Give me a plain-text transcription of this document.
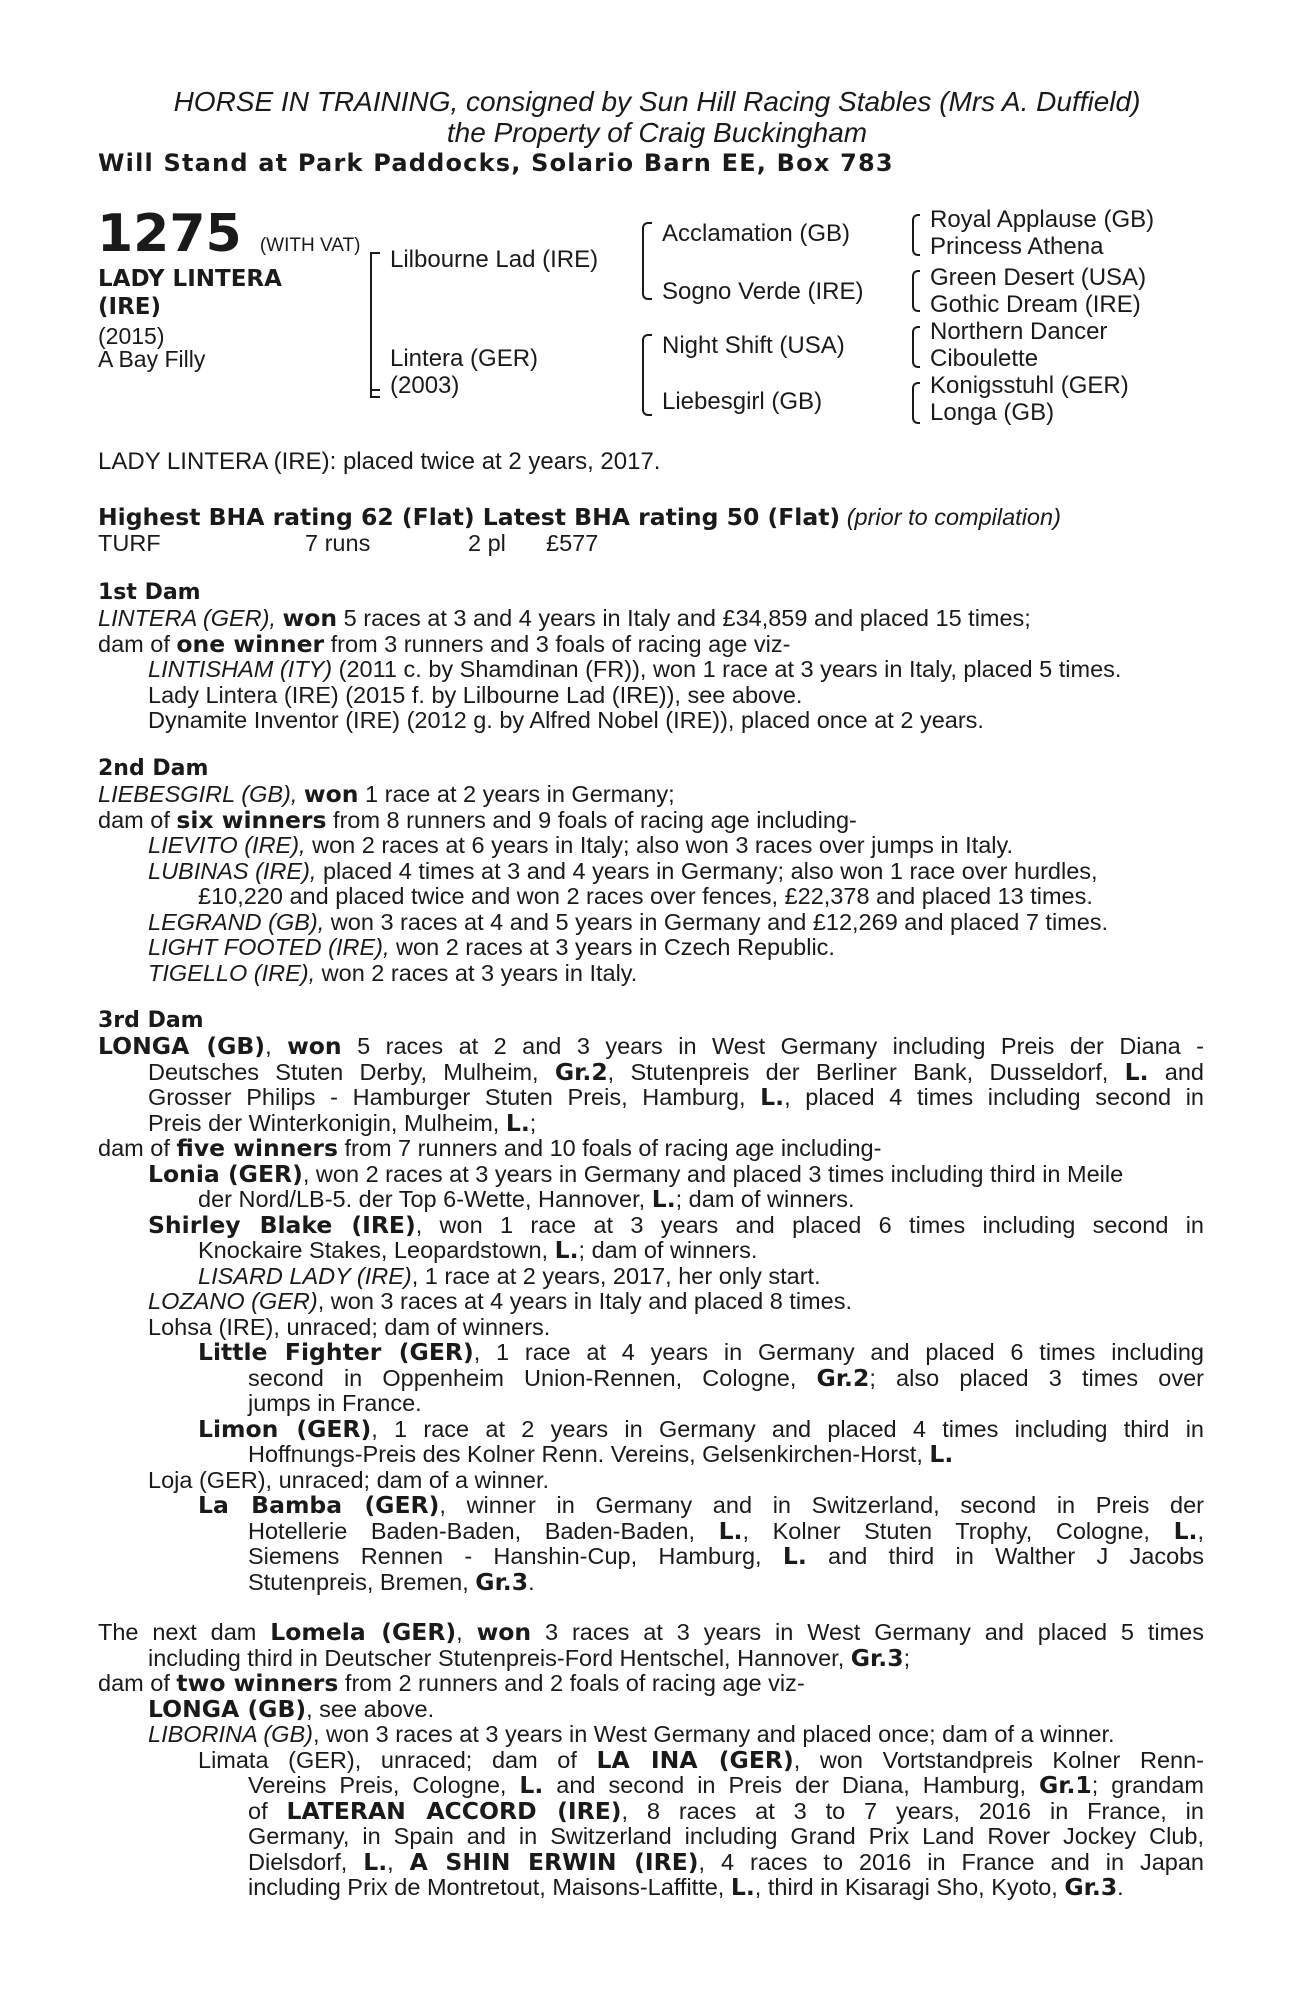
HORSE IN TRAINING, consigned by Sun Hill Racing Stables (Mrs A. Duffield)
the Property of Craig Buckingham
Will Stand at Park Paddocks, Solario Barn EE, Box 783
1275 (WITH VAT)
LADY LINTERA
(IRE)
(2015)
A Bay Filly
Lilbourne Lad (IRE)
Lintera (GER)
(2003)
Acclamation (GB)
Sogno Verde (IRE)
Night Shift (USA)
Liebesgirl (GB)
Royal Applause (GB)
Princess Athena
Green Desert (USA)
Gothic Dream (IRE)
Northern Dancer
Ciboulette
Konigsstuhl (GER)
Longa (GB)
LADY LINTERA (IRE): placed twice at 2 years, 2017.
Highest BHA rating 62 (Flat) Latest BHA rating 50 (Flat) (prior to compilation)
TURF	7 runs	2 pl £577
1st Dam
LINTERA (GER), won 5 races at 3 and 4 years in Italy and £34,859 and placed 15 times;
dam of one winner from 3 runners and 3 foals of racing age viz-
LINTISHAM (ITY) (2011 c. by Shamdinan (FR)), won 1 race at 3 years in Italy, placed 5 times.
Lady Lintera (IRE) (2015 f. by Lilbourne Lad (IRE)), see above.
Dynamite Inventor (IRE) (2012 g. by Alfred Nobel (IRE)), placed once at 2 years.
2nd Dam
LIEBESGIRL (GB), won 1 race at 2 years in Germany;
dam of six winners from 8 runners and 9 foals of racing age including-
LIEVITO (IRE), won 2 races at 6 years in Italy; also won 3 races over jumps in Italy.
LUBINAS (IRE), placed 4 times at 3 and 4 years in Germany; also won 1 race over hurdles,
£10,220 and placed twice and won 2 races over fences, £22,378 and placed 13 times.
LEGRAND (GB), won 3 races at 4 and 5 years in Germany and £12,269 and placed 7 times.
LIGHT FOOTED (IRE), won 2 races at 3 years in Czech Republic.
TIGELLO (IRE), won 2 races at 3 years in Italy.
3rd Dam
LONGA (GB), won 5 races at 2 and 3 years in West Germany including Preis der Diana -
Deutsches Stuten Derby, Mulheim, Gr.2, Stutenpreis der Berliner Bank, Dusseldorf, L. and
Grosser Philips - Hamburger Stuten Preis, Hamburg, L., placed 4 times including second in
Preis der Winterkonigin, Mulheim, L.;
dam of five winners from 7 runners and 10 foals of racing age including-
Lonia (GER), won 2 races at 3 years in Germany and placed 3 times including third in Meile
der Nord/LB-5. der Top 6-Wette, Hannover, L.; dam of winners.
Shirley Blake (IRE), won 1 race at 3 years and placed 6 times including second in
Knockaire Stakes, Leopardstown, L.; dam of winners.
LISARD LADY (IRE), 1 race at 2 years, 2017, her only start.
LOZANO (GER), won 3 races at 4 years in Italy and placed 8 times.
Lohsa (IRE), unraced; dam of winners.
Little Fighter (GER), 1 race at 4 years in Germany and placed 6 times including
second in Oppenheim Union-Rennen, Cologne, Gr.2; also placed 3 times over
jumps in France.
Limon (GER), 1 race at 2 years in Germany and placed 4 times including third in
Hoffnungs-Preis des Kolner Renn. Vereins, Gelsenkirchen-Horst, L.
Loja (GER), unraced; dam of a winner.
La Bamba (GER), winner in Germany and in Switzerland, second in Preis der
Hotellerie Baden-Baden, Baden-Baden, L., Kolner Stuten Trophy, Cologne, L.,
Siemens Rennen - Hanshin-Cup, Hamburg, L. and third in Walther J Jacobs
Stutenpreis, Bremen, Gr.3.
The next dam Lomela (GER), won 3 races at 3 years in West Germany and placed 5 times
including third in Deutscher Stutenpreis-Ford Hentschel, Hannover, Gr.3;
dam of two winners from 2 runners and 2 foals of racing age viz-
LONGA (GB), see above.
LIBORINA (GB), won 3 races at 3 years in West Germany and placed once; dam of a winner.
Limata (GER), unraced; dam of LA INA (GER), won Vortstandpreis Kolner Renn-
Vereins Preis, Cologne, L. and second in Preis der Diana, Hamburg, Gr.1; grandam
of LATERAN ACCORD (IRE), 8 races at 3 to 7 years, 2016 in France, in
Germany, in Spain and in Switzerland including Grand Prix Land Rover Jockey Club,
Dielsdorf, L., A SHIN ERWIN (IRE), 4 races to 2016 in France and in Japan
including Prix de Montretout, Maisons-Laffitte, L., third in Kisaragi Sho, Kyoto, Gr.3.
